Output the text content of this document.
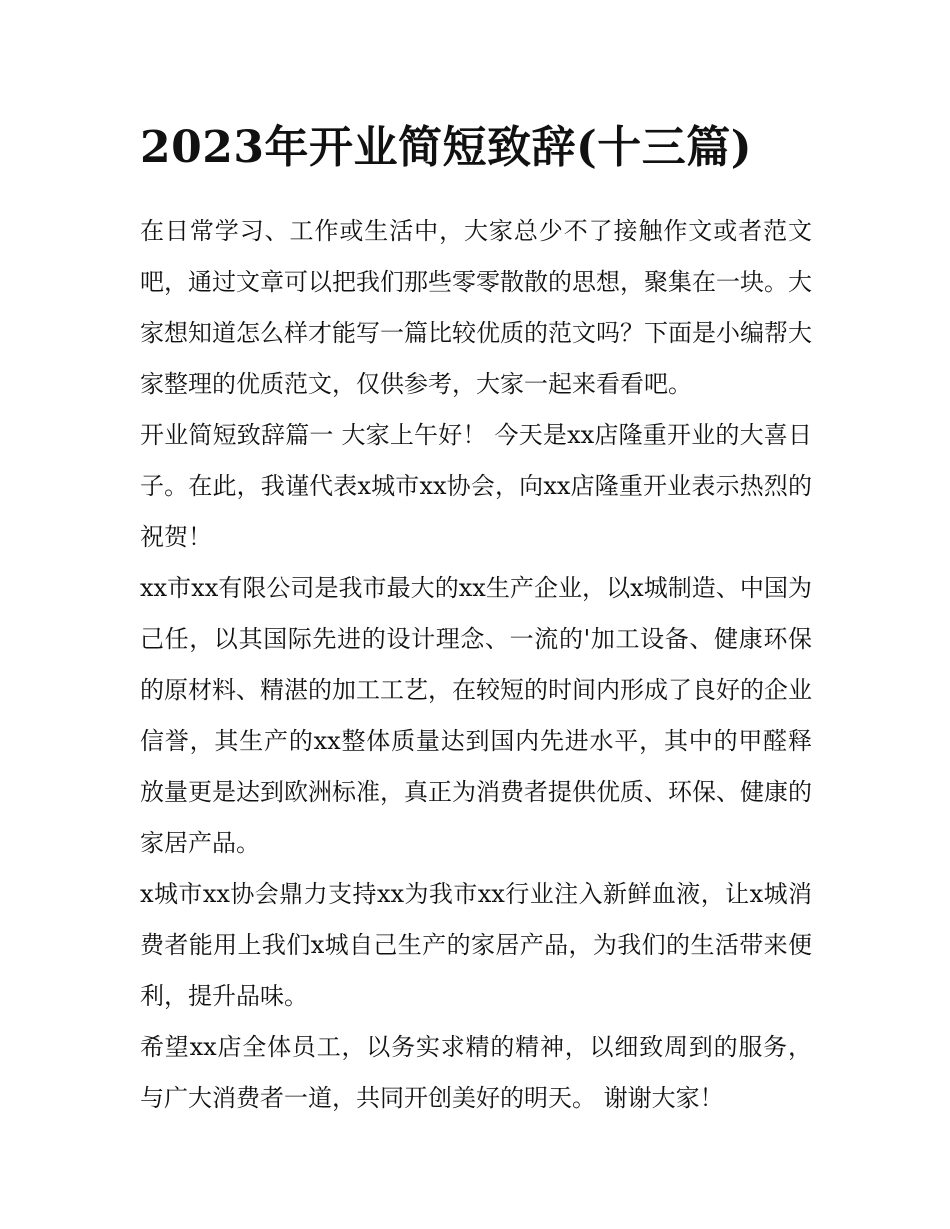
2023年开业简短致辞(十三篇)

在日常学习、工作或生活中，大家总少不了接触作文或者范文吧，通过文章可以把我们那些零零散散的思想，聚集在一块。大家想知道怎么样才能写一篇比较优质的范文吗？下面是小编帮大家整理的优质范文，仅供参考，大家一起来看看吧。

开业简短致辞篇一 大家上午好！ 今天是xx店隆重开业的大喜日子。在此，我谨代表x城市xx协会，向xx店隆重开业表示热烈的祝贺！

xx市xx有限公司是我市最大的xx生产企业，以x城制造、中国为己任，以其国际先进的设计理念、一流的'加工设备、健康环保的原材料、精湛的加工工艺，在较短的时间内形成了良好的企业信誉，其生产的xx整体质量达到国内先进水平，其中的甲醛释放量更是达到欧洲标准，真正为消费者提供优质、环保、健康的家居产品。

x城市xx协会鼎力支持xx为我市xx行业注入新鲜血液，让x城消费者能用上我们x城自己生产的家居产品，为我们的生活带来便利，提升品味。

希望xx店全体员工，以务实求精的精神，以细致周到的服务，与广大消费者一道，共同开创美好的明天。 谢谢大家！
